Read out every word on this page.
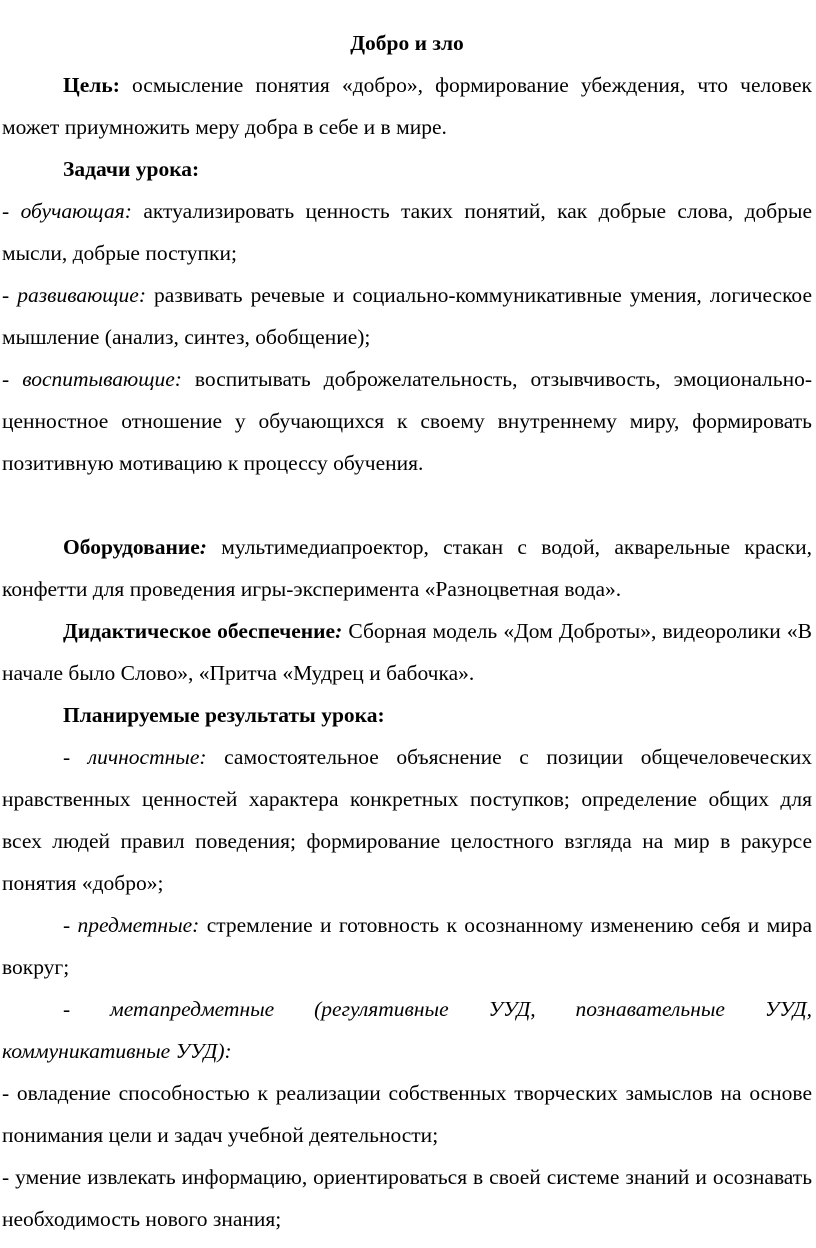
Добро и зло

Цель: осмысление понятия «добро», формирование убеждения, что человек может приумножить меру добра в себе и в мире.

Задачи урока:

- обучающая: актуализировать ценность таких понятий, как добрые слова, добрые мысли, добрые поступки;

- развивающие: развивать речевые и социально-коммуникативные умения, логическое мышление (анализ, синтез, обобщение);

- воспитывающие: воспитывать доброжелательность, отзывчивость, эмоционально-ценностное отношение у обучающихся к своему внутреннему миру, формировать позитивную мотивацию к процессу обучения.

Оборудование: мультимедиапроектор, стакан с водой, акварельные краски, конфетти для проведения игры-эксперимента «Разноцветная вода».

Дидактическое обеспечение: Сборная модель «Дом Доброты», видеоролики «В начале было Слово», «Притча «Мудрец и бабочка».

Планируемые результаты урока:

- личностные: самостоятельное объяснение с позиции общечеловеческих нравственных ценностей характера конкретных поступков; определение общих для всех людей правил поведения; формирование целостного взгляда на мир в ракурсе понятия «добро»;

- предметные: стремление и готовность к осознанному изменению себя и мира вокруг;

- метапредметные (регулятивные УУД, познавательные УУД, коммуникативные УУД):

- овладение способностью к реализации собственных творческих замыслов на основе понимания цели и задач учебной деятельности;

- умение извлекать информацию, ориентироваться в своей системе знаний и осознавать необходимость нового знания;
